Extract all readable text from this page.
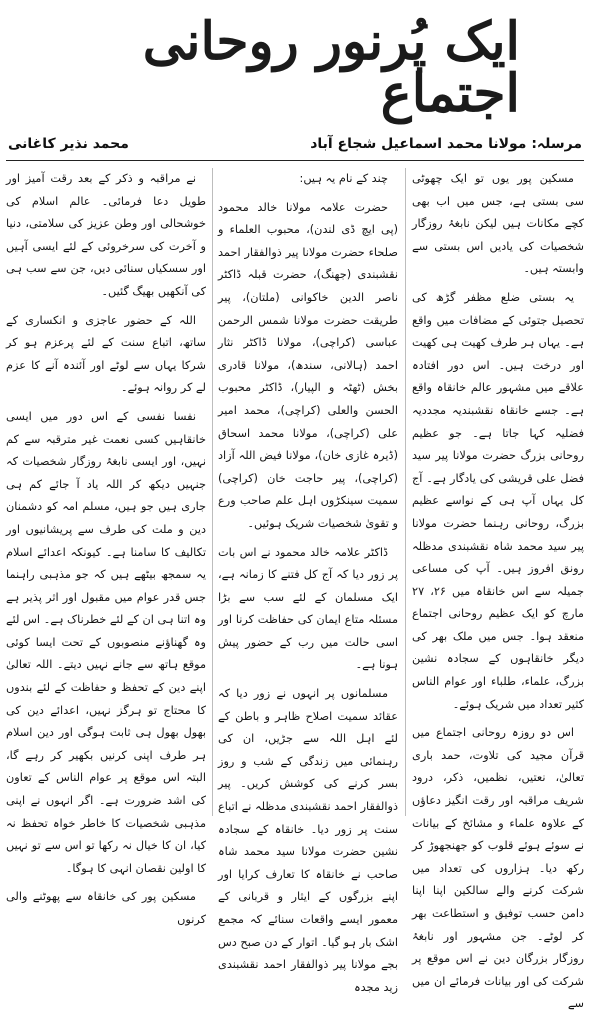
ایک پُرنور روحانی اجتماع
مرسلہ: مولانا محمد اسماعیل شجاع آباد
محمد نذیر کاغانی

مسکین پور یوں تو ایک چھوٹی سی بستی ہے، جس میں اب بھی کچے مکانات ہیں لیکن نابغۂ روزگار شخصیات کی یادیں اس بستی سے وابستہ ہیں۔

یہ بستی ضلع مظفر گڑھ کی تحصیل جتوئی کے مضافات میں واقع ہے۔ یہاں ہر طرف کھیت ہی کھیت اور درخت ہیں۔ اس دور افتادہ علاقے میں مشہور عالم خانقاہ واقع ہے۔ جسے خانقاہ نقشبندیہ مجددیہ فضلیہ کہا جاتا ہے۔ جو عظیم روحانی بزرگ حضرت مولانا پیر سید فضل علی قریشی کی یادگار ہے۔ آج کل یہاں آپ ہی کے نواسے عظیم بزرگ، روحانی رہنما حضرت مولانا پیر سید محمد شاہ نقشبندی مدظلہ رونق افروز ہیں۔ آپ کی مساعی جمیلہ سے اس خانقاہ میں ۲۶، ۲۷ مارچ کو ایک عظیم روحانی اجتماع منعقد ہوا۔ جس میں ملک بھر کی دیگر خانقاہوں کے سجادہ نشین بزرگ، علماء، طلباء اور عوام الناس کثیر تعداد میں شریک ہوئے۔

اس دو روزہ روحانی اجتماع میں قرآن مجید کی تلاوت، حمد باری تعالیٰ، نعتیں، نظمیں، ذکر، درود شریف مراقبہ اور رقت انگیز دعاؤں کے علاوہ علماء و مشائخ کے بیانات نے سوئے ہوئے قلوب کو جھنجھوڑ کر رکھ دیا۔ ہزاروں کی تعداد میں شرکت کرنے والے سالکین اپنا اپنا دامن حسب توفیق و استطاعت بھر کر لوٹے۔ جن مشہور اور نابغۂ روزگار بزرگان دین نے اس موقع پر شرکت کی اور بیانات فرمائے ان میں سے

چند کے نام یہ ہیں:

حضرت علامہ مولانا خالد محمود (پی ایچ ڈی لندن)، محبوب العلماء و صلحاء حضرت مولانا پیر ذوالفقار احمد نقشبندی (جھنگ)، حضرت قبلہ ڈاکٹر ناصر الدین خاکوانی (ملتان)، پیر طریقت حضرت مولانا شمس الرحمن عباسی (کراچی)، مولانا ڈاکٹر نثار احمد (ہالانی، سندھ)، مولانا قادری بخش (ٹھٹہ و الپیار)، ڈاکٹر محبوب الحسن والعلی (کراچی)، محمد امیر علی (کراچی)، مولانا محمد اسحاق (ڈیرہ غازی خان)، مولانا فیض اللہ آزاد (کراچی)، پیر حاجت خان (کراچی) سمیت سینکڑوں اہل علم صاحب ورع و تقویٰ شخصیات شریک ہوئیں۔

ڈاکٹر علامہ خالد محمود نے اس بات پر زور دیا کہ آج کل فتنے کا زمانہ ہے، ایک مسلمان کے لئے سب سے بڑا مسئلہ متاع ایمان کی حفاظت کرنا اور اسی حالت میں رب کے حضور پیش ہونا ہے۔

مسلمانوں پر انہوں نے زور دیا کہ عقائد سمیت اصلاح ظاہر و باطن کے لئے اہل اللہ سے جڑیں، ان کی رہنمائی میں زندگی کے شب و روز بسر کرنے کی کوشش کریں۔ پیر ذوالفقار احمد نقشبندی مدظلہ نے اتباع سنت پر زور دیا۔ خانقاہ کے سجادہ نشین حضرت مولانا سید محمد شاہ صاحب نے خانقاہ کا تعارف کرایا اور اپنے بزرگوں کے ایثار و قربانی کے معمور ایسے واقعات سنائے کہ مجمع اشک بار ہو گیا۔ اتوار کے دن صبح دس بجے مولانا پیر ذوالفقار احمد نقشبندی زید مجدہ

نے مراقبہ و ذکر کے بعد رقت آمیز اور طویل دعا فرمائی۔ عالم اسلام کی خوشحالی اور وطن عزیز کی سلامتی، دنیا و آخرت کی سرخروئی کے لئے ایسی آہیں اور سسکیاں سنائی دیں، جن سے سب ہی کی آنکھیں بھیگ گئیں۔

اللہ کے حضور عاجزی و انکساری کے ساتھ، اتباع سنت کے لئے پرعزم ہو کر شرکا یہاں سے لوٹے اور آئندہ آنے کا عزم لے کر روانہ ہوئے۔

نفسا نفسی کے اس دور میں ایسی خانقاہیں کسی نعمت غیر مترقبہ سے کم نہیں، اور ایسی نابغۂ روزگار شخصیات کہ جنہیں دیکھ کر اللہ یاد آ جائے کم ہی جاری ہیں جو ہیں، مسلم امہ کو دشمنان دین و ملت کی طرف سے پریشانیوں اور تکالیف کا سامنا ہے۔ کیونکہ اعدائے اسلام یہ سمجھ بیٹھے ہیں کہ جو مذہبی راہنما جس قدر عوام میں مقبول اور اثر پذیر ہے وہ اتنا ہی ان کے لئے خطرناک ہے۔ اس لئے وہ گھناؤنے منصوبوں کے تحت ایسا کوئی موقع ہاتھ سے جانے نہیں دیتے۔ اللہ تعالیٰ اپنے دین کے تحفظ و حفاظت کے لئے بندوں کا محتاج تو ہرگز نہیں، اعدائے دین کی بھول بھول ہی ثابت ہوگی اور دین اسلام ہر طرف اپنی کرنیں بکھیر کر رہے گا، البتہ اس موقع پر عوام الناس کے تعاون کی اشد ضرورت ہے۔ اگر انہوں نے اپنی مذہبی شخصیات کا خاطر خواہ تحفظ نہ کیا، ان کا خیال نہ رکھا تو اس سے تو نہیں کا اولین نقصان انہی کا ہوگا۔

مسکین پور کی خانقاہ سے پھوٹنے والی کرنوں
